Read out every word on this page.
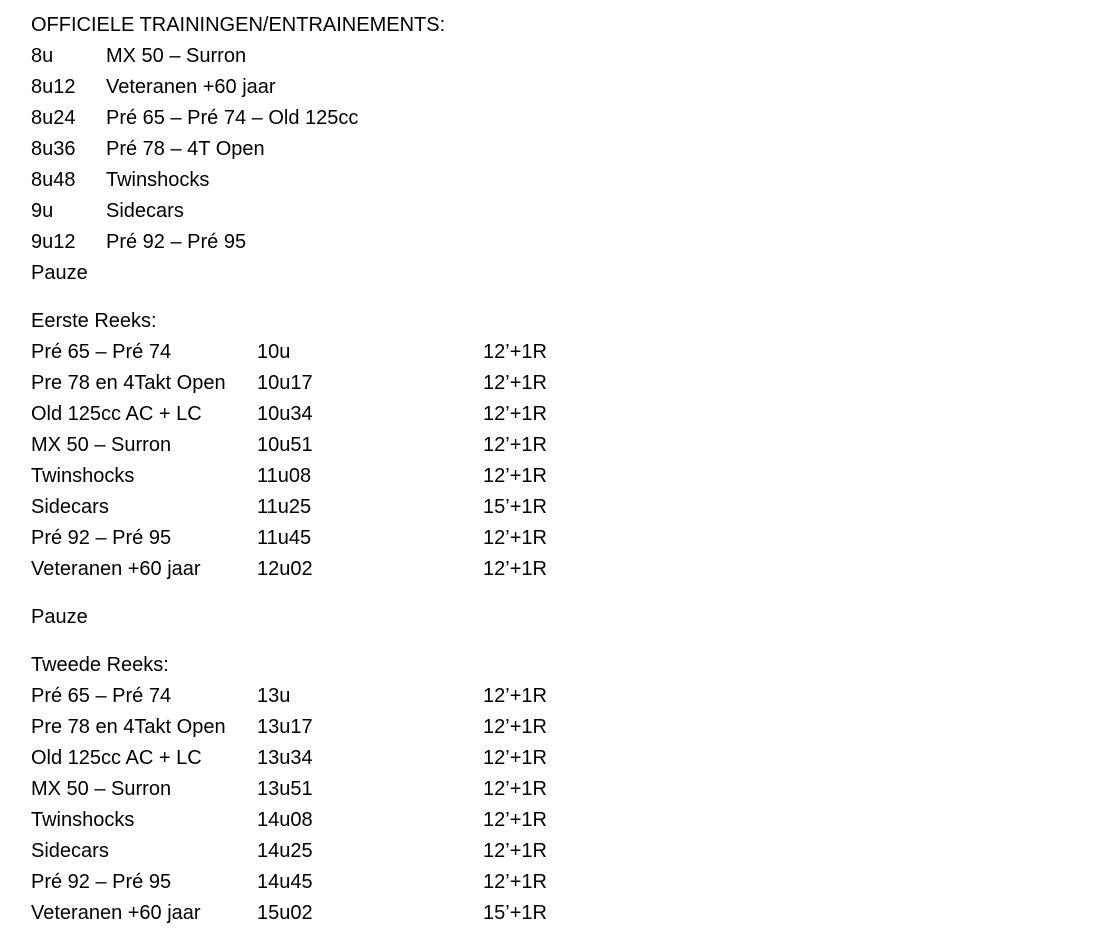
OFFICIELE TRAININGEN/ENTRAINEMENTS:
8u	MX 50 – Surron
8u12 Veteranen +60 jaar
8u24 Pré 65 – Pré 74 – Old 125cc
8u36 Pré 78 – 4T Open
8u48 Twinshocks
9u	Sidecars
9u12 Pré 92 – Pré 95
Pauze
Eerste Reeks:
Pré 65 – Pré 74	10u	12’+1R
Pre 78 en 4Takt Open 10u17	12’+1R
Old 125cc AC + LC	10u34	12’+1R
MX 50 – Surron	10u51	12’+1R
Twinshocks	11u08	12’+1R
Sidecars	11u25	15’+1R
Pré 92 – Pré 95	11u45	12’+1R
Veteranen +60 jaar	12u02	12’+1R
Pauze
Tweede Reeks:
Pré 65 – Pré 74	13u	12’+1R
Pre 78 en 4Takt Open 13u17	12’+1R
Old 125cc AC + LC	13u34	12’+1R
MX 50 – Surron	13u51	12’+1R
Twinshocks	14u08	12’+1R
Sidecars	14u25	12’+1R
Pré 92 – Pré 95	14u45	12’+1R
Veteranen +60 jaar	15u02	15’+1R
